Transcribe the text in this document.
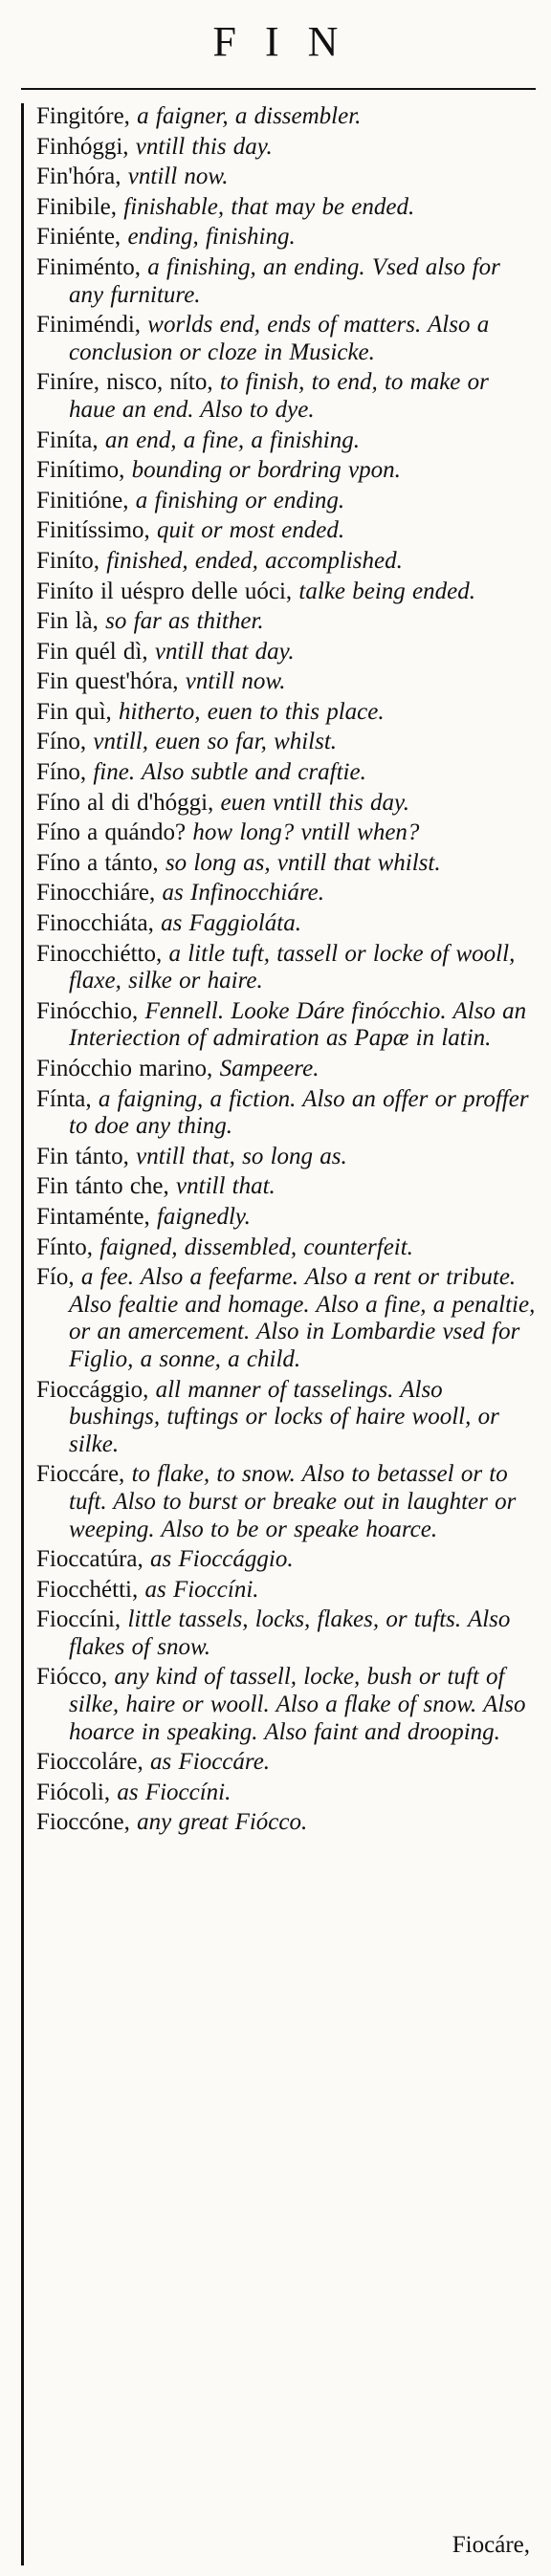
FIN
Fingitóre, a faigner, a dissembler.
Finhóggi, vntill this day.
Fin'hóra, vntill now.
Finibile, finishable, that may be ended.
Finiénte, ending, finishing.
Finiménto, a finishing, an ending. Vsed also for any furniture.
Finiméndi, worlds end, ends of matters. Also a conclusion or cloze in Musicke.
Finíre, nisco, níto, to finish, to end, to make or haue an end. Also to dye.
Finíta, an end, a fine, a finishing.
Finítimo, bounding or bordring vpon.
Finitióne, a finishing or ending.
Finitíssimo, quit or most ended.
Finíto, finished, ended, accomplished.
Finíto il uéspro delle uóci, talke being ended.
Fin là, so far as thither.
Fin quél dì, vntill that day.
Fin quest'hóra, vntill now.
Fin quì, hitherto, euen to this place.
Fíno, vntill, euen so far, whilst.
Fíno, fine. Also subtle and craftie.
Fíno al di d'hóggi, euen vntill this day.
Fíno a quándo? how long? vntill when?
Fíno a tánto, so long as, vntill that whilst.
Finocchiáre, as Infinocchiáre.
Finocchiáta, as Faggioláta.
Finocchiétto, a litle tuft, tassell or locke of wooll, flaxe, silke or haire.
Finócchio, Fennell. Looke Dáre finócchio. Also an Interiection of admiration as Papæ in latin.
Finócchio marino, Sampeere.
Fínta, a faigning, a fiction. Also an offer or proffer to doe any thing.
Fin tánto, vntill that, so long as.
Fin tánto che, vntill that.
Fintaménte, faignedly.
Fínto, faigned, dissembled, counterfeit.
Fío, a fee. Also a feefarme. Also a rent or tribute. Also fealtie and homage. Also a fine, a penaltie, or an amercement. Also in Lombardie vsed for Figlio, a sonne, a child.
Fioccággio, all manner of tasselings. Also bushings, tuftings or locks of haire wooll, or silke.
Fioccáre, to flake, to snow. Also to betassel or to tuft. Also to burst or breake out in laughter or weeping. Also to be or speake hoarce.
Fioccatúra, as Fioccággio.
Fiocchétti, as Fioccíni.
Fioccíni, little tassels, locks, flakes, or tufts. Also flakes of snow.
Fiócco, any kind of tassell, locke, bush or tuft of silke, haire or wooll. Also a flake of snow. Also hoarce in speaking. Also faint and drooping.
Fioccoláre, as Fioccáre.
Fiócoli, as Fioccíni.
Fioccóne, any great Fiócco.
Fiocáre,
